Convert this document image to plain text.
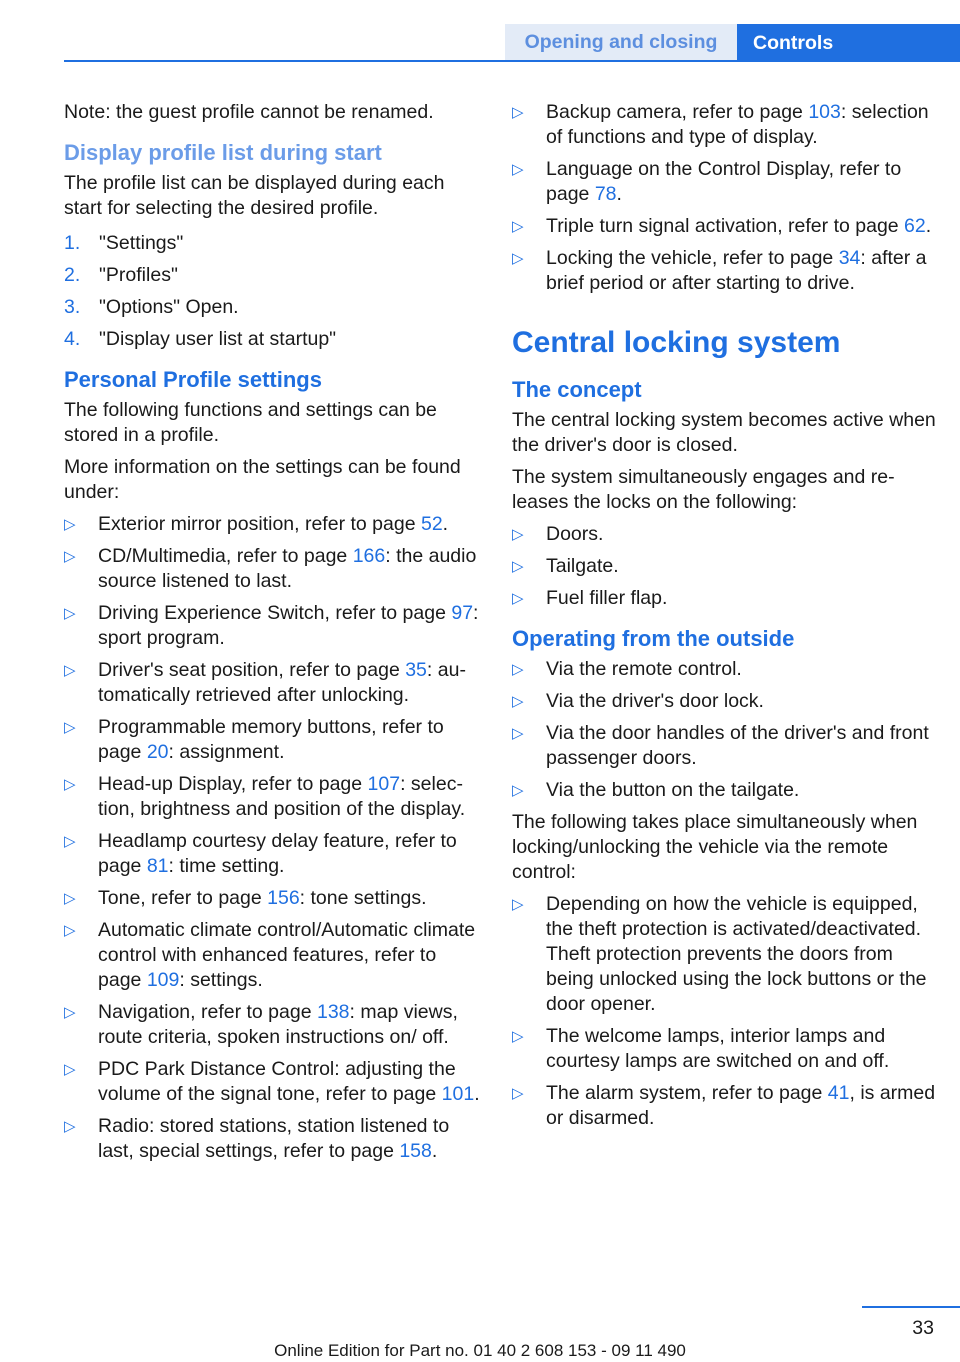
Opening and closing	Controls

Note: the guest profile cannot be renamed.

Display profile list during start

The profile list can be displayed during each start for selecting the desired profile.

1. "Settings"
2. "Profiles"
3. "Options" Open.
4. "Display user list at startup"
Personal Profile settings

The following functions and settings can be stored in a profile.

More information on the settings can be found under:

▷ Exterior mirror position, refer to page 52.
▷ CD/Multimedia, refer to page 166: the audio source listened to last.
▷ Driving Experience Switch, refer to page 97: sport program.
▷ Driver's seat position, refer to page 35: automatically retrieved after unlocking.
▷ Programmable memory buttons, refer to page 20: assignment.
▷ Head-up Display, refer to page 107: selection, brightness and position of the display.
▷ Headlamp courtesy delay feature, refer to page 81: time setting.
▷ Tone, refer to page 156: tone settings.
▷ Automatic climate control/Automatic climate control with enhanced features, refer to page 109: settings.
▷ Navigation, refer to page 138: map views, route criteria, spoken instructions on/ off.
▷ PDC Park Distance Control: adjusting the volume of the signal tone, refer to page 101.
▷ Radio: stored stations, station listened to last, special settings, refer to page 158.
▷ Backup camera, refer to page 103: selection of functions and type of display.
▷ Language on the Control Display, refer to page 78.
▷ Triple turn signal activation, refer to page 62.
▷ Locking the vehicle, refer to page 34: after a brief period or after starting to drive.
Central locking system
The concept

The central locking system becomes active when the driver's door is closed.

The system simultaneously engages and releases the locks on the following:

▷ Doors.
▷ Tailgate.
▷ Fuel filler flap.
Operating from the outside
▷ Via the remote control.
▷ Via the driver's door lock.
▷ Via the door handles of the driver's and front passenger doors.
▷ Via the button on the tailgate.

The following takes place simultaneously when locking/unlocking the vehicle via the remote control:

▷ Depending on how the vehicle is equipped, the theft protection is activated/deactivated. Theft protection prevents the doors from being unlocked using the lock buttons or the door opener.
▷ The welcome lamps, interior lamps and courtesy lamps are switched on and off.
▷ The alarm system, refer to page 41, is armed or disarmed.
33
Online Edition for Part no. 01 40 2 608 153 - 09 11 490
